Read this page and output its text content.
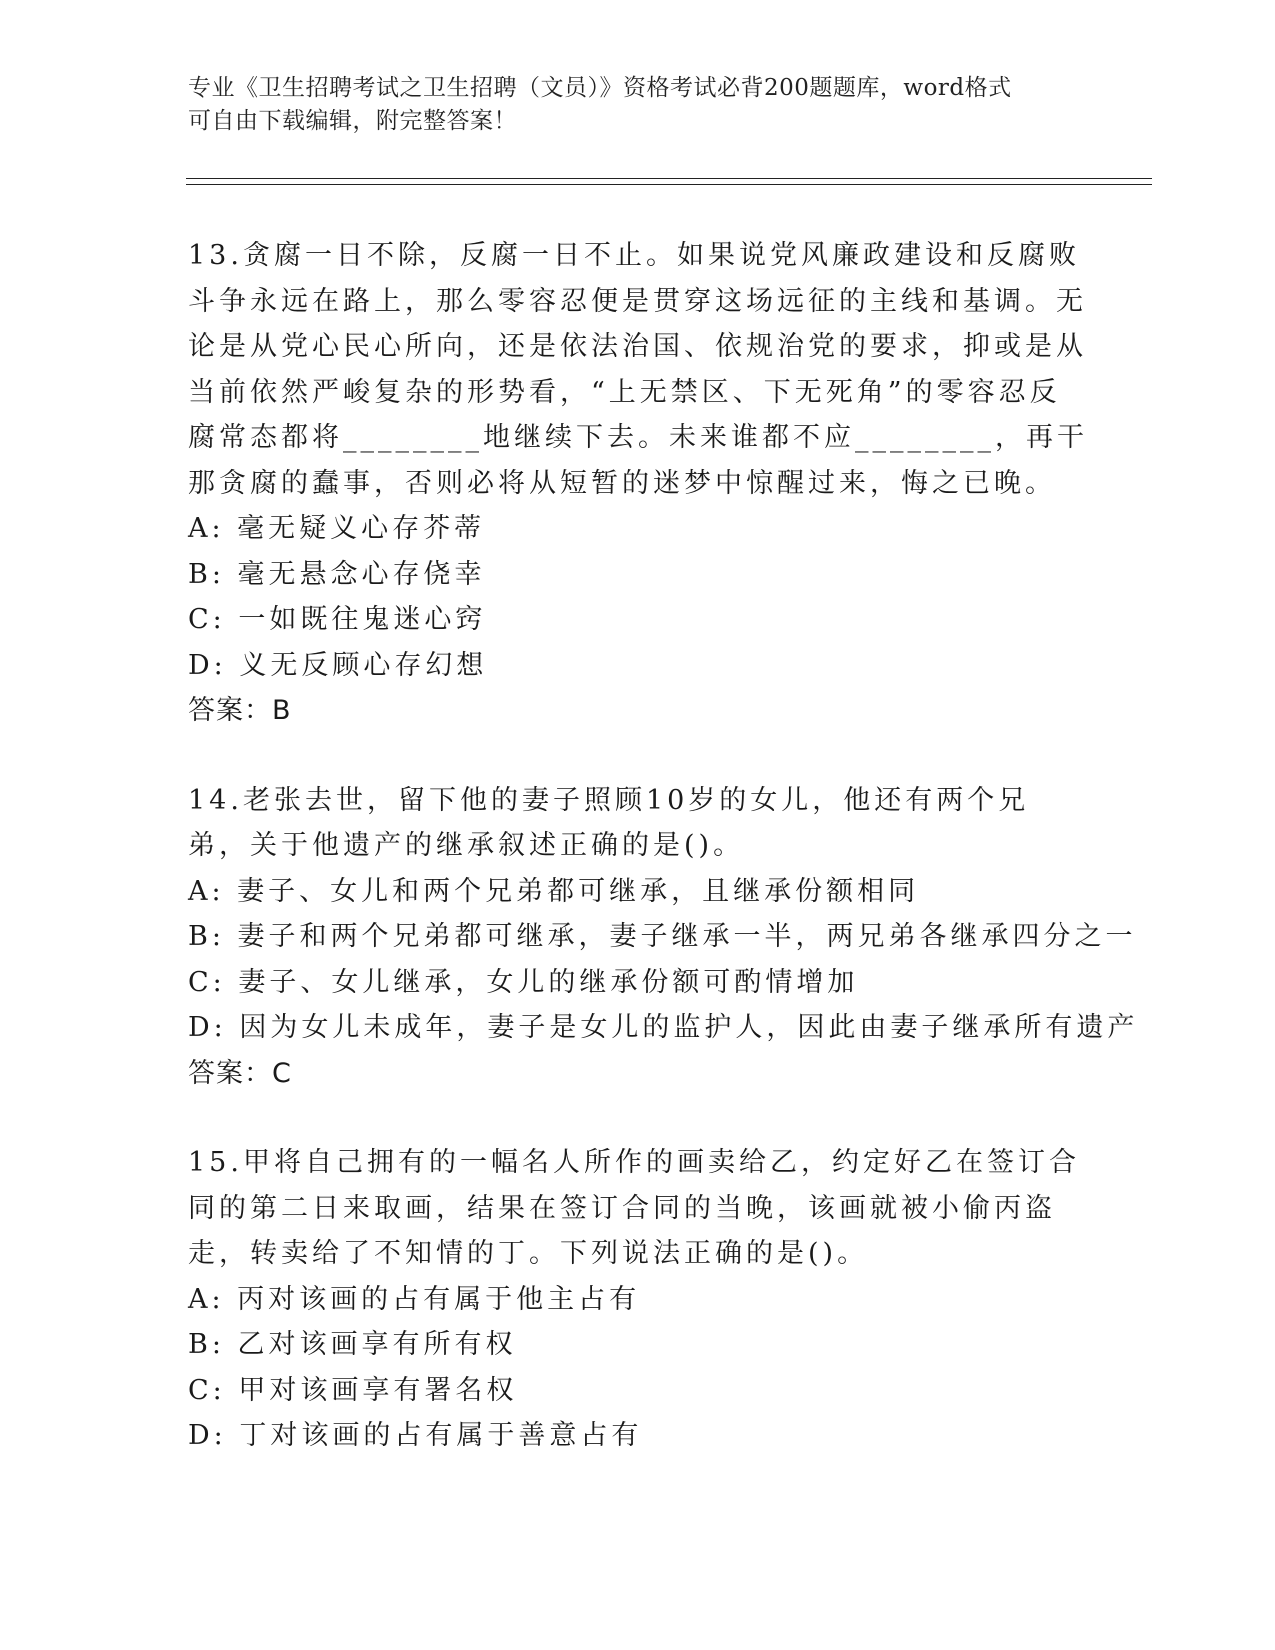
专业《卫生招聘考试之卫生招聘（文员）》资格考试必背200题题库，word格式
可自由下载编辑，附完整答案！

13.贪腐一日不除，反腐一日不止。如果说党风廉政建设和反腐败斗争永远在路上，那么零容忍便是贯穿这场远征的主线和基调。无论是从党心民心所向，还是依法治国、依规治党的要求，抑或是从当前依然严峻复杂的形势看，“上无禁区、下无死角”的零容忍反腐常态都将________地继续下去。未来谁都不应________，再干那贪腐的蠢事，否则必将从短暂的迷梦中惊醒过来，悔之已晚。

A: 毫无疑义心存芥蒂

B: 毫无悬念心存侥幸

C: 一如既往鬼迷心窍

D: 义无反顾心存幻想

答案：B

14.老张去世，留下他的妻子照顾10岁的女儿，他还有两个兄弟，关于他遗产的继承叙述正确的是()。

A: 妻子、女儿和两个兄弟都可继承，且继承份额相同

B: 妻子和两个兄弟都可继承，妻子继承一半，两兄弟各继承四分之一

C: 妻子、女儿继承，女儿的继承份额可酌情增加

D: 因为女儿未成年，妻子是女儿的监护人，因此由妻子继承所有遗产

答案：C

15.甲将自己拥有的一幅名人所作的画卖给乙，约定好乙在签订合同的第二日来取画，结果在签订合同的当晚，该画就被小偷丙盗走，转卖给了不知情的丁。下列说法正确的是()。

A: 丙对该画的占有属于他主占有

B: 乙对该画享有所有权

C: 甲对该画享有署名权

D: 丁对该画的占有属于善意占有
